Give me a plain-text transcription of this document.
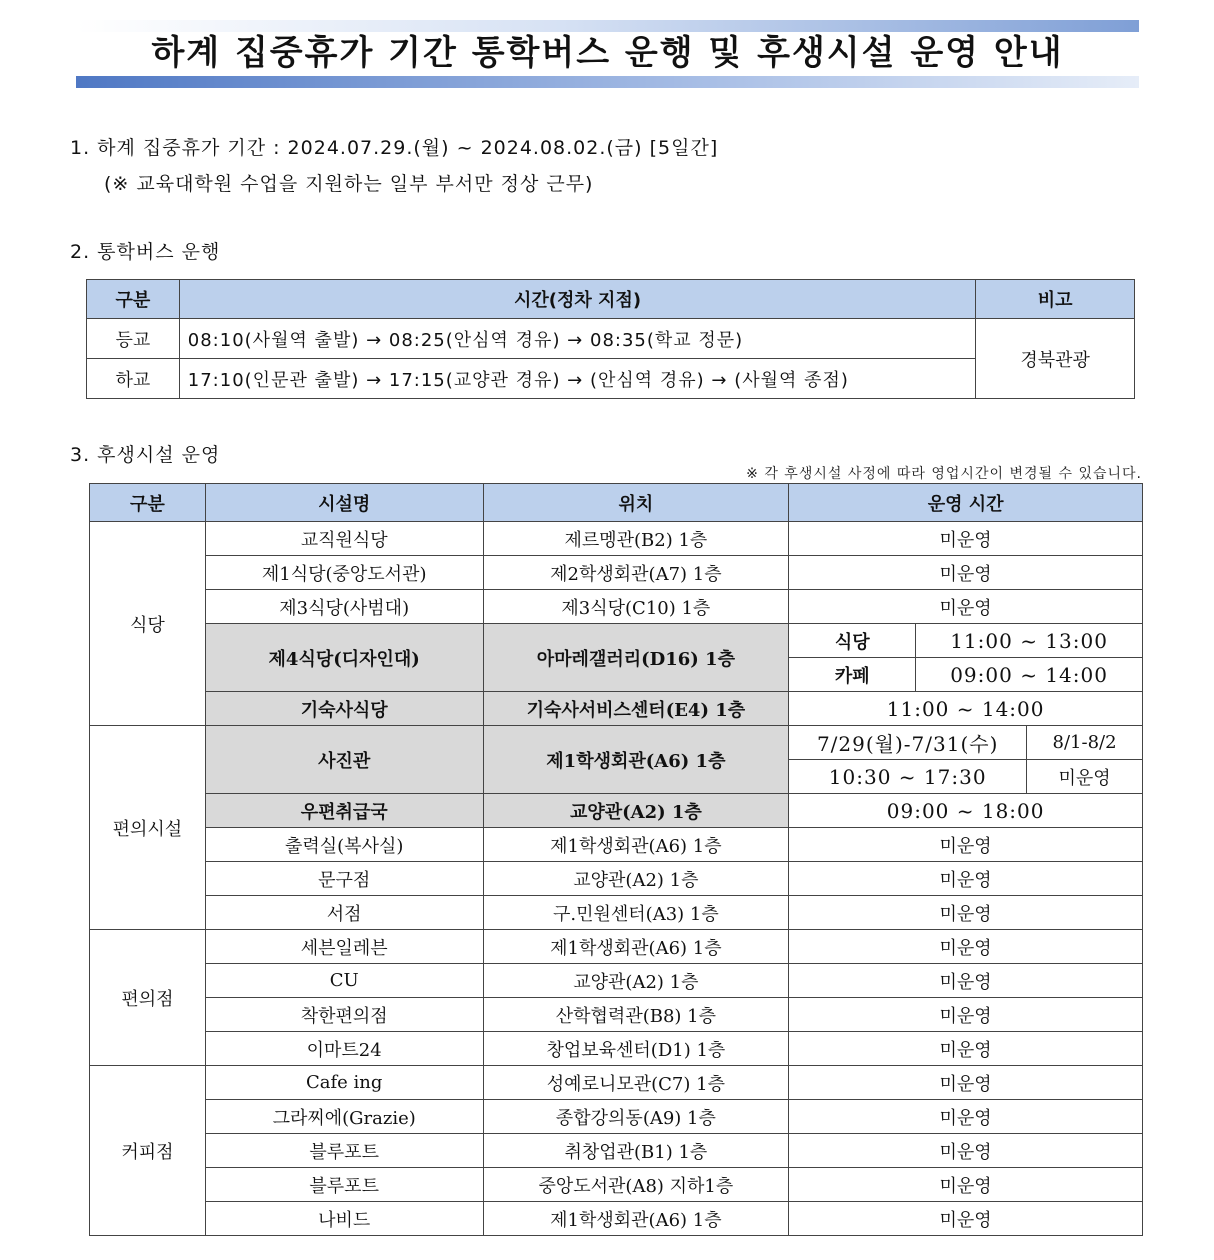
하계 집중휴가 기간 통학버스 운행 및 후생시설 운영 안내
1. 하계 집중휴가 기간 : 2024.07.29.(월) ~ 2024.08.02.(금) [5일간]
(※ 교육대학원 수업을 지원하는 일부 부서만 정상 근무)
2. 통학버스 운행
구분	시간(정차 지점)	비고
등교	08:10(사월역 출발) → 08:25(안심역 경유) → 08:35(학교 정문)	경북관광
하교	17:10(인문관 출발) → 17:15(교양관 경유) → (안심역 경유) → (사월역 종점)	
3. 후생시설 운영
※ 각 후생시설 사정에 따라 영업시간이 변경될 수 있습니다.
구분	시설명	위치	운영 시간		
식당	교직원식당	제르멩관(B2) 1층	미운영		
	제1식당(중앙도서관)	제2학생회관(A7) 1층	미운영		
	제3식당(사범대)	제3식당(C10) 1층	미운영		
	제4식당(디자인대)	아마레갤러리(D16) 1층	식당	11:00 ~ 13:00	
			카페	09:00 ~ 14:00	
	기숙사식당	기숙사서비스센터(E4) 1층	11:00 ~ 14:00		
편의시설	사진관	제1학생회관(A6) 1층	7/29(월)-7/31(수)		8/1-8/2
			10:30 ~ 17:30		미운영
	우편취급국	교양관(A2) 1층	09:00 ~ 18:00		
	출력실(복사실)	제1학생회관(A6) 1층	미운영		
	문구점	교양관(A2) 1층	미운영		
	서점	구.민원센터(A3) 1층	미운영		
편의점	세븐일레븐	제1학생회관(A6) 1층	미운영		
	CU	교양관(A2) 1층	미운영		
	착한편의점	산학협력관(B8) 1층	미운영		
	이마트24	창업보육센터(D1) 1층	미운영		
커피점	Cafe ing	성예로니모관(C7) 1층	미운영		
	그라찌에(Grazie)	종합강의동(A9) 1층	미운영		
	블루포트	취창업관(B1) 1층	미운영		
	블루포트	중앙도서관(A8) 지하1층	미운영		
	나비드	제1학생회관(A6) 1층	미운영		
